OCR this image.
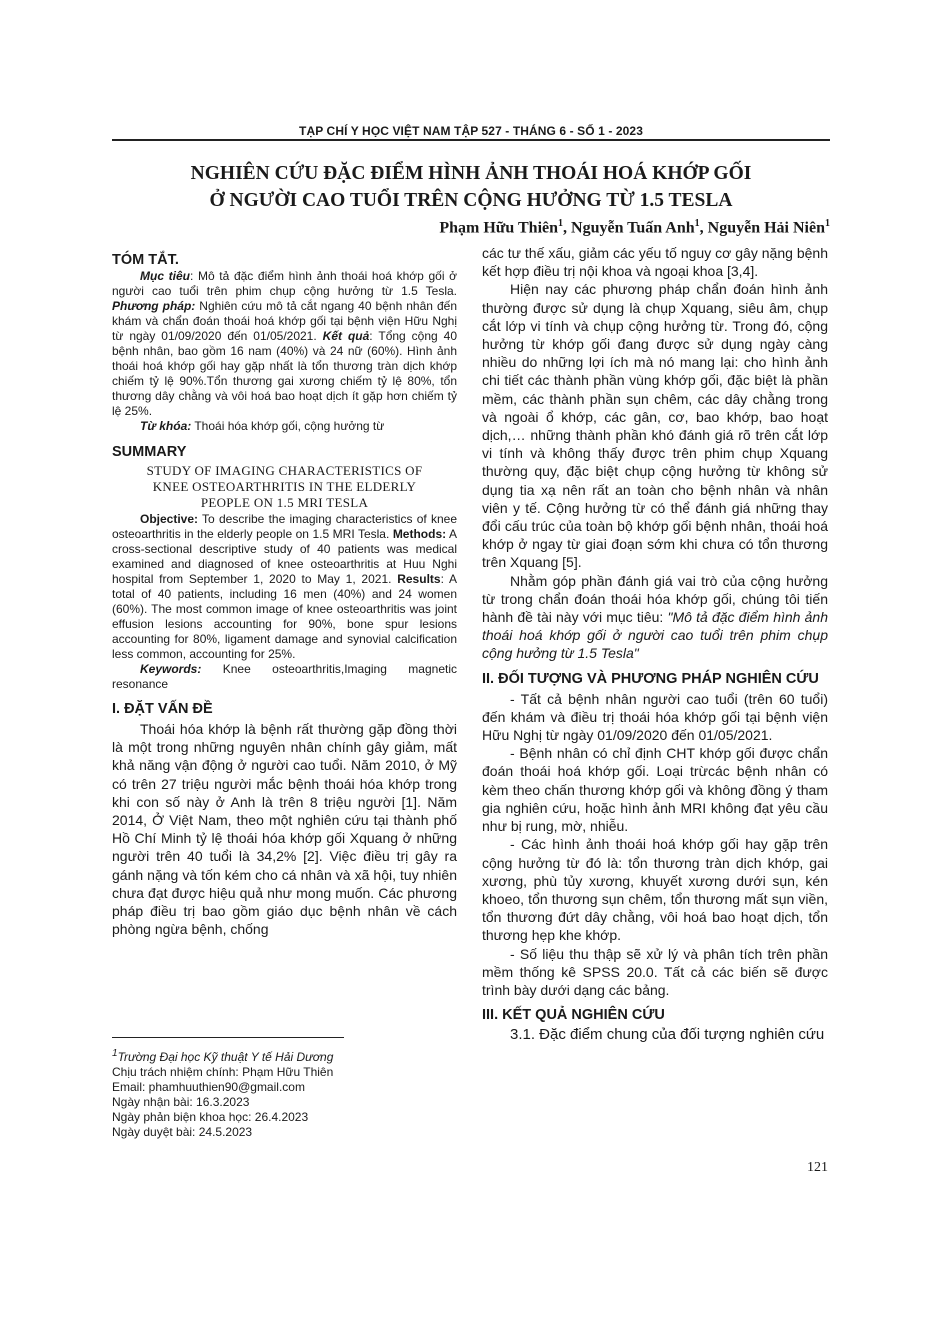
TẠP CHÍ Y HỌC VIỆT NAM TẬP 527 - THÁNG 6 - SỐ 1 - 2023
NGHIÊN CỨU ĐẶC ĐIỂM HÌNH ẢNH THOÁI HOÁ KHỚP GỐI
Ở NGƯỜI CAO TUỔI TRÊN CỘNG HƯỞNG TỪ 1.5 TESLA
Phạm Hữu Thiên$^1$, Nguyễn Tuấn Anh$^1$, Nguyễn Hải Niên$^1$
TÓM TẮT.

Mục tiêu: Mô tả đặc điểm hình ảnh thoái hoá khớp gối ở người cao tuổi trên phim chụp cộng hưởng từ 1.5 Tesla. Phương pháp: Nghiên cứu mô tả cắt ngang 40 bệnh nhân đến khám và chẩn đoán thoái hoá khớp gối tại bệnh viện Hữu Nghị từ ngày 01/09/2020 đến 01/05/2021. Kết quả: Tổng cộng 40 bệnh nhân, bao gồm 16 nam (40%) và 24 nữ (60%). Hình ảnh thoái hoá khớp gối hay gặp nhất là tổn thương tràn dịch khớp chiếm tỷ lệ 90%.Tổn thương gai xương chiếm tỷ lệ 80%, tổn thương dây chằng và vôi hoá bao hoạt dịch ít gặp hơn chiếm tỷ lệ 25%.

Từ khóa: Thoái hóa khớp gối, cộng hưởng từ

SUMMARY
STUDY OF IMAGING CHARACTERISTICS OF
KNEE OSTEOARTHRITIS IN THE ELDERLY
PEOPLE ON 1.5 MRI TESLA

Objective: To describe the imaging characteristics of knee osteoarthritis in the elderly people on 1.5 MRI Tesla. Methods: A cross-sectional descriptive study of 40 patients was medical examined and diagnosed of knee osteoarthritis at Huu Nghi hospital from September 1, 2020 to May 1, 2021. Results: A total of 40 patients, including 16 men (40%) and 24 women (60%). The most common image of knee osteoarthritis was joint effusion lesions accounting for 90%, bone spur lesions accounting for 80%, ligament damage and synovial calcification less common, accounting for 25%.

Keywords: Knee osteoarthritis,Imaging magnetic resonance

I. ĐẶT VẤN ĐỀ

Thoái hóa khớp là bệnh rất thường gặp đồng thời là một trong những nguyên nhân chính gây giảm, mất khả năng vận động ở người cao tuổi. Năm 2010, ở Mỹ có trên 27 triệu người mắc bệnh thoái hóa khớp trong khi con số này ở Anh là trên 8 triệu người [1]. Năm 2014, Ở Việt Nam, theo một nghiên cứu tại thành phố Hồ Chí Minh tỷ lệ thoái hóa khớp gối Xquang ở những người trên 40 tuổi là 34,2% [2]. Việc điều trị gây ra gánh nặng và tốn kém cho cá nhân và xã hội, tuy nhiên chưa đạt được hiệu quả như mong muốn. Các phương pháp điều trị bao gồm giáo dục bệnh nhân về cách phòng ngừa bệnh, chống

$^1$Trường Đại học Kỹ thuật Y tế Hải Dương

Chịu trách nhiệm chính: Phạm Hữu Thiên

Email: phamhuuthien90@gmail.com

Ngày nhận bài: 16.3.2023

Ngày phản biện khoa học: 26.4.2023

Ngày duyệt bài: 24.5.2023

các tư thế xấu, giảm các yếu tố nguy cơ gây nặng bệnh kết hợp điều trị nội khoa và ngoại khoa [3,4].

Hiện nay các phương pháp chẩn đoán hình ảnh thường được sử dụng là chụp Xquang, siêu âm, chụp cắt lớp vi tính và chụp cộng hưởng từ. Trong đó, cộng hưởng từ khớp gối đang được sử dụng ngày càng nhiều do những lợi ích mà nó mang lại: cho hình ảnh chi tiết các thành phần vùng khớp gối, đặc biệt là phần mềm, các thành phần sụn chêm, các dây chằng trong và ngoài ổ khớp, các gân, cơ, bao khớp, bao hoạt dịch,… những thành phần khó đánh giá rõ trên cắt lớp vi tính và không thấy được trên phim chụp Xquang thường quy, đặc biệt chụp cộng hưởng từ không sử dụng tia xạ nên rất an toàn cho bệnh nhân và nhân viên y tế. Cộng hưởng từ có thể đánh giá những thay đổi cấu trúc của toàn bộ khớp gối bệnh nhân, thoái hoá khớp ở ngay từ giai đoạn sớm khi chưa có tổn thương trên Xquang [5].

Nhằm góp phần đánh giá vai trò của cộng hưởng từ trong chẩn đoán thoái hóa khớp gối, chúng tôi tiến hành đề tài này với mục tiêu: "Mô tả đặc điểm hình ảnh thoái hoá khớp gối ở người cao tuổi trên phim chụp cộng hưởng từ 1.5 Tesla"

II. ĐỐI TƯỢNG VÀ PHƯƠNG PHÁP NGHIÊN CỨU

- Tất cả bệnh nhân người cao tuổi (trên 60 tuổi) đến khám và điều trị thoái hóa khớp gối tại bệnh viện Hữu Nghị từ ngày 01/09/2020 đến 01/05/2021.

- Bệnh nhân có chỉ định CHT khớp gối được chẩn đoán thoái hoá khớp gối. Loại trừcác bệnh nhân có kèm theo chấn thương khớp gối và không đồng ý tham gia nghiên cứu, hoặc hình ảnh MRI không đạt yêu cầu như bị rung, mờ, nhiễu.

- Các hình ảnh thoái hoá khớp gối hay gặp trên cộng hưởng từ đó là: tổn thương tràn dịch khớp, gai xương, phù tủy xương, khuyết xương dưới sụn, kén khoeo, tổn thương sụn chêm, tổn thương mất sụn viền, tổn thương đứt dây chằng, vôi hoá bao hoạt dịch, tổn thương hẹp khe khớp.

- Số liệu thu thập sẽ xử lý và phân tích trên phần mềm thống kê SPSS 20.0. Tất cả các biến sẽ được trình bày dưới dạng các bảng.

III. KẾT QUẢ NGHIÊN CỨU

3.1. Đặc điểm chung của đối tượng nghiên cứu

121
